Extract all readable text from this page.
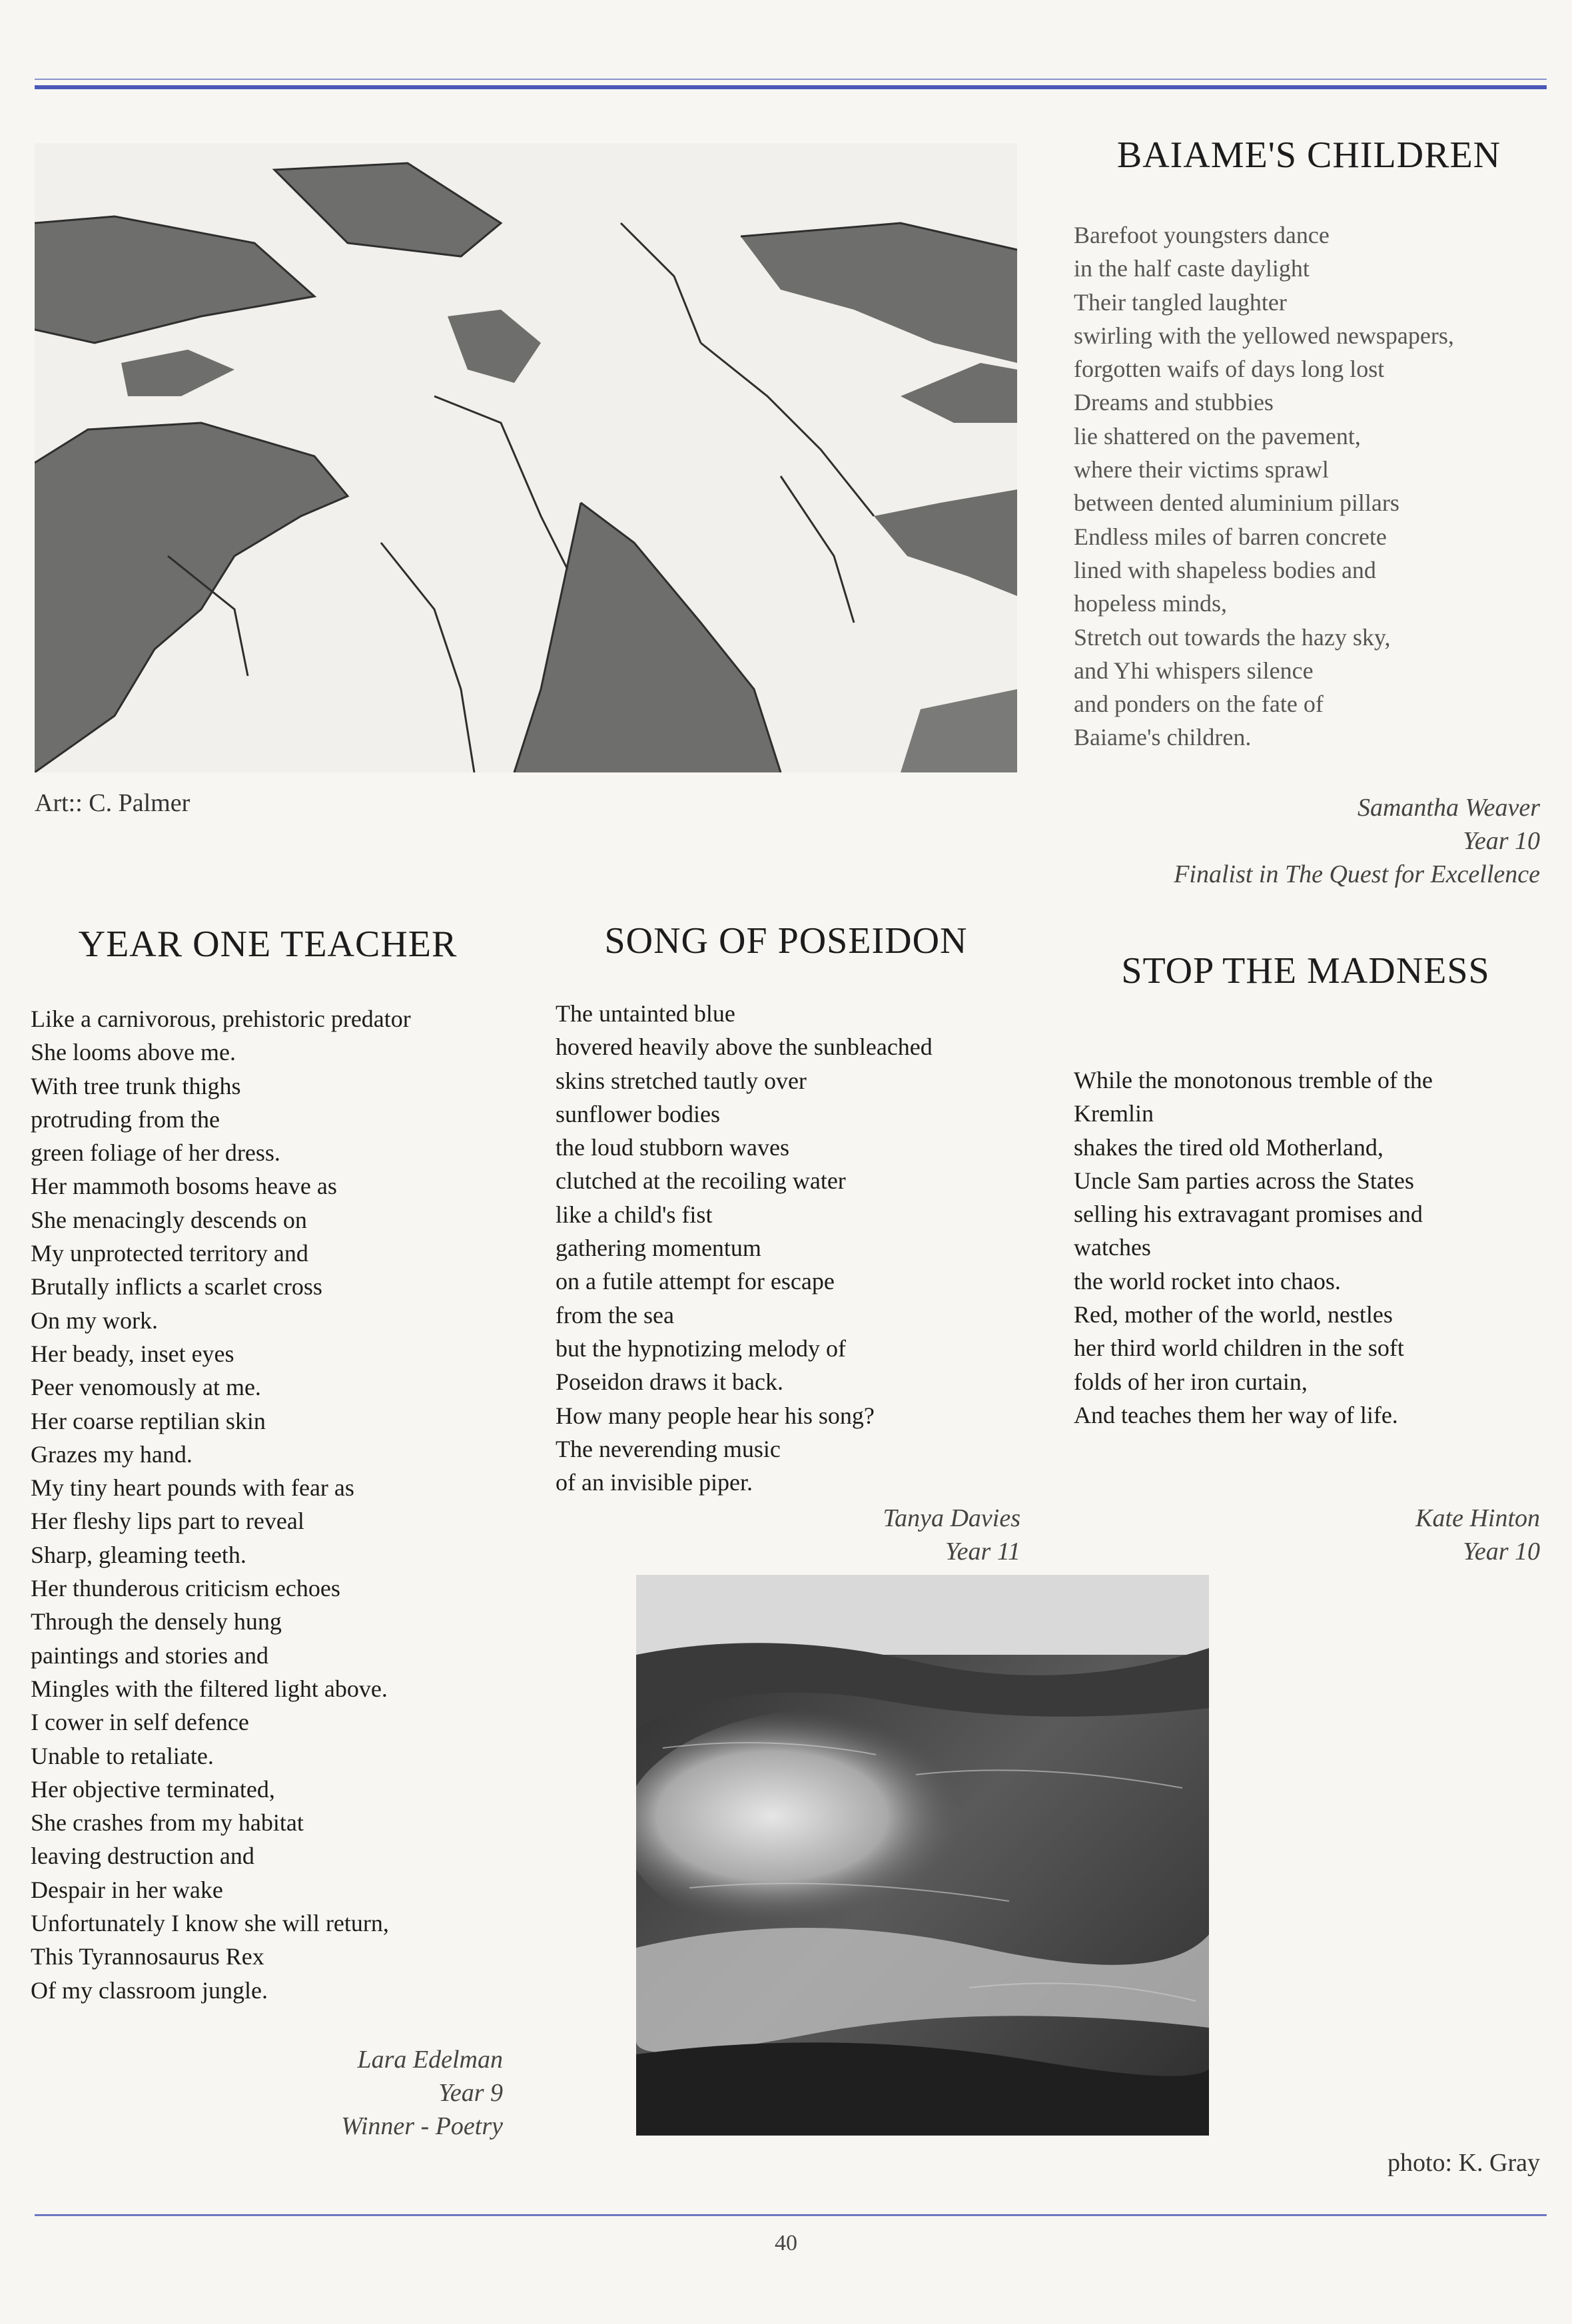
Art:: C. Palmer
BAIAME'S CHILDREN
Barefoot youngsters dance
in the half caste daylight
Their tangled laughter
swirling with the yellowed newspapers,
forgotten waifs of days long lost
Dreams and stubbies
lie shattered on the pavement,
where their victims sprawl
between dented aluminium pillars
Endless miles of barren concrete
lined with shapeless bodies and
hopeless minds,
Stretch out towards the hazy sky,
and Yhi whispers silence
and ponders on the fate of
Baiame's children.
Samantha Weaver
Year 10
Finalist in The Quest for Excellence
YEAR ONE TEACHER
Like a carnivorous, prehistoric predator
She looms above me.
With tree trunk thighs
protruding from the
green foliage of her dress.
Her mammoth bosoms heave as
She menacingly descends on
My unprotected territory and
Brutally inflicts a scarlet cross
On my work.
Her beady, inset eyes
Peer venomously at me.
Her coarse reptilian skin
Grazes my hand.
My tiny heart pounds with fear as
Her fleshy lips part to reveal
Sharp, gleaming teeth.
Her thunderous criticism echoes
Through the densely hung
paintings and stories and
Mingles with the filtered light above.
I cower in self defence
Unable to retaliate.
Her objective terminated,
She crashes from my habitat
leaving destruction and
Despair in her wake
Unfortunately I know she will return,
This Tyrannosaurus Rex
Of my classroom jungle.
Lara Edelman
Year 9
Winner - Poetry
SONG OF POSEIDON
The untainted blue
hovered heavily above the sunbleached
skins stretched tautly over
sunflower bodies
the loud stubborn waves
clutched at the recoiling water
like a child's fist
gathering momentum
on a futile attempt for escape
from the sea
but the hypnotizing melody of
Poseidon draws it back.
How many people hear his song?
The neverending music
of an invisible piper.
Tanya Davies
Year 11
STOP THE MADNESS
While the monotonous tremble of the
Kremlin
shakes the tired old Motherland,
Uncle Sam parties across the States
selling his extravagant promises and
watches
the world rocket into chaos.
Red, mother of the world, nestles
her third world children in the soft
folds of her iron curtain,
And teaches them her way of life.
Kate Hinton
Year 10
photo: K. Gray
40
